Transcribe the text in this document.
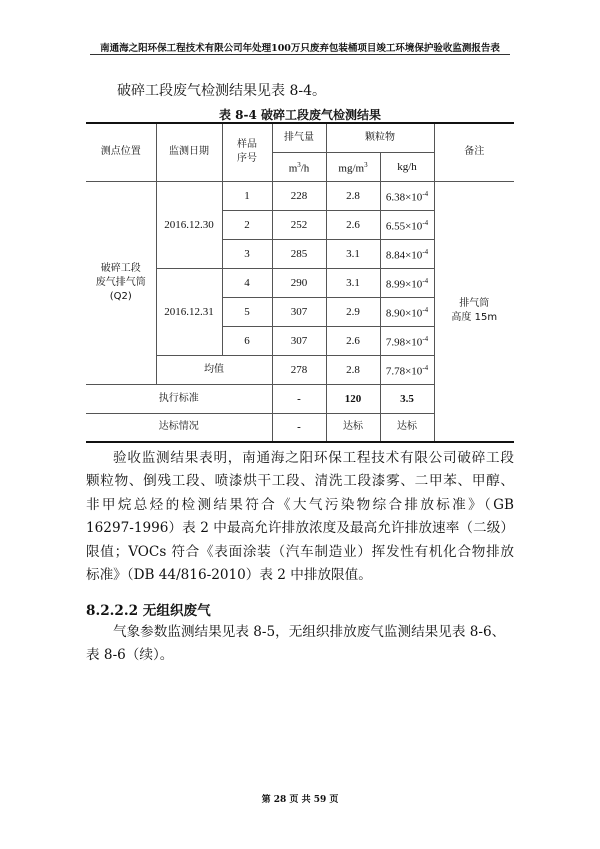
南通海之阳环保工程技术有限公司年处理100万只废弃包装桶项目竣工环境保护验收监测报告表
破碎工段废气检测结果见表 8-4。
表 8-4 破碎工段废气检测结果
测点位置	监测日期	样品
序号	排气量	颗粒物		备注
			$m^3/h$	$mg/m^3$	kg/h	
破碎工段
废气排气筒
(Q2)	2016.12.30	1	228	2.8	$6.38\times 10^{-4}$	排气筒
高度 15m
		2	252	2.6	$6.55\times 10^{-4}$
		3	285	3.1	$8.84\times 10^{-4}$
	2016.12.31	4	290	3.1	$8.99\times 10^{-4}$
		5	307	2.9	$8.90\times 10^{-4}$
		6	307	2.6	$7.98\times 10^{-4}$
	均值		278	2.8	$7.78\times 10^{-4}$
执行标准			-	120	3.5	
达标情况			-	达标	达标	
验收监测结果表明，南通海之阳环保工程技术有限公司破碎工段
颗粒物、倒残工段、喷漆烘干工段、清洗工段漆雾、二甲苯、甲醇、
非甲烷总烃的检测结果符合《大气污染物综合排放标准》（GB
16297-1996）表 2 中最高允许排放浓度及最高允许排放速率（二级）
限值；VOCs 符合《表面涂装（汽车制造业）挥发性有机化合物排放
标准》（DB 44/816-2010）表 2 中排放限值。
8.2.2.2 无组织废气
气象参数监测结果见表 8-5，无组织排放废气监测结果见表 8-6、
表 8-6（续）。
第 28 页 共 59 页
